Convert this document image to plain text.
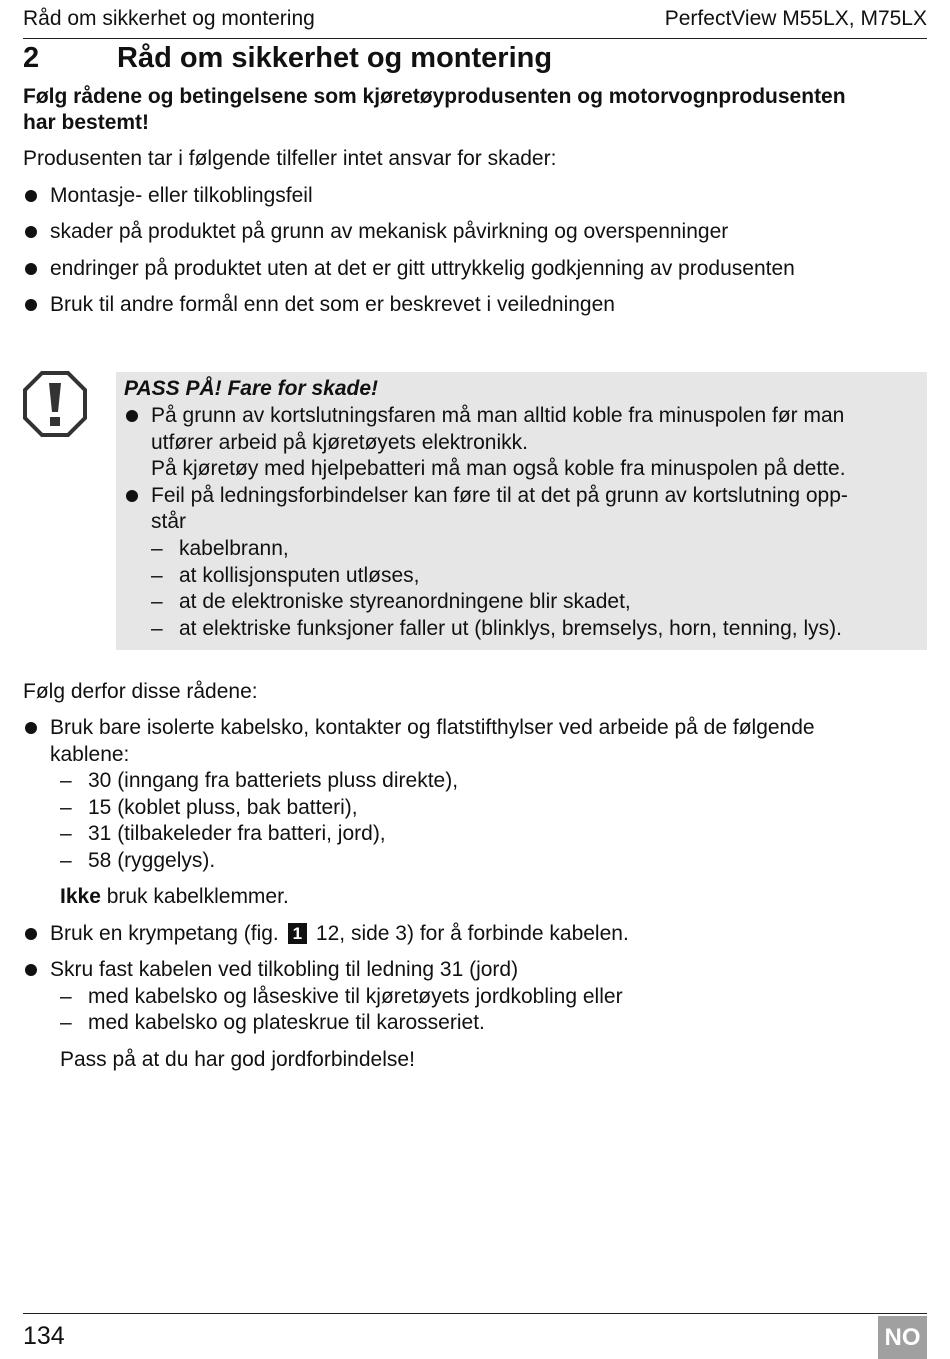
Råd om sikkerhet og montering	PerfectView M55LX, M75LX
2	Råd om sikkerhet og montering
Følg rådene og betingelsene som kjøretøyprodusenten og motorvognprodusenten
har bestemt!
Produsenten tar i følgende tilfeller intet ansvar for skader:
Montasje- eller tilkoblingsfeil
skader på produktet på grunn av mekanisk påvirkning og overspenninger
endringer på produktet uten at det er gitt uttrykkelig godkjenning av produsenten
Bruk til andre formål enn det som er beskrevet i veiledningen
PASS PÅ! Fare for skade!
På grunn av kortslutningsfaren må man alltid koble fra minuspolen før man
utfører arbeid på kjøretøyets elektronikk.
På kjøretøy med hjelpebatteri må man også koble fra minuspolen på dette.
Feil på ledningsforbindelser kan føre til at det på grunn av kortslutning opp-
står
– kabelbrann,
– at kollisjonsputen utløses,
– at de elektroniske styreanordningene blir skadet,
– at elektriske funksjoner faller ut (blinklys, bremselys, horn, tenning, lys).
Følg derfor disse rådene:
Bruk bare isolerte kabelsko, kontakter og flatstifthylser ved arbeide på de følgende
kablene:
– 30 (inngang fra batteriets pluss direkte),
– 15 (koblet pluss, bak batteri),
– 31 (tilbakeleder fra batteri, jord),
– 58 (ryggelys).
Ikke bruk kabelklemmer.
Bruk en krympetang (fig. 1 12, side 3) for å forbinde kabelen.
Skru fast kabelen ved tilkobling til ledning 31 (jord)
– med kabelsko og låseskive til kjøretøyets jordkobling eller
– med kabelsko og plateskrue til karosseriet.
Pass på at du har god jordforbindelse!
134	NO
